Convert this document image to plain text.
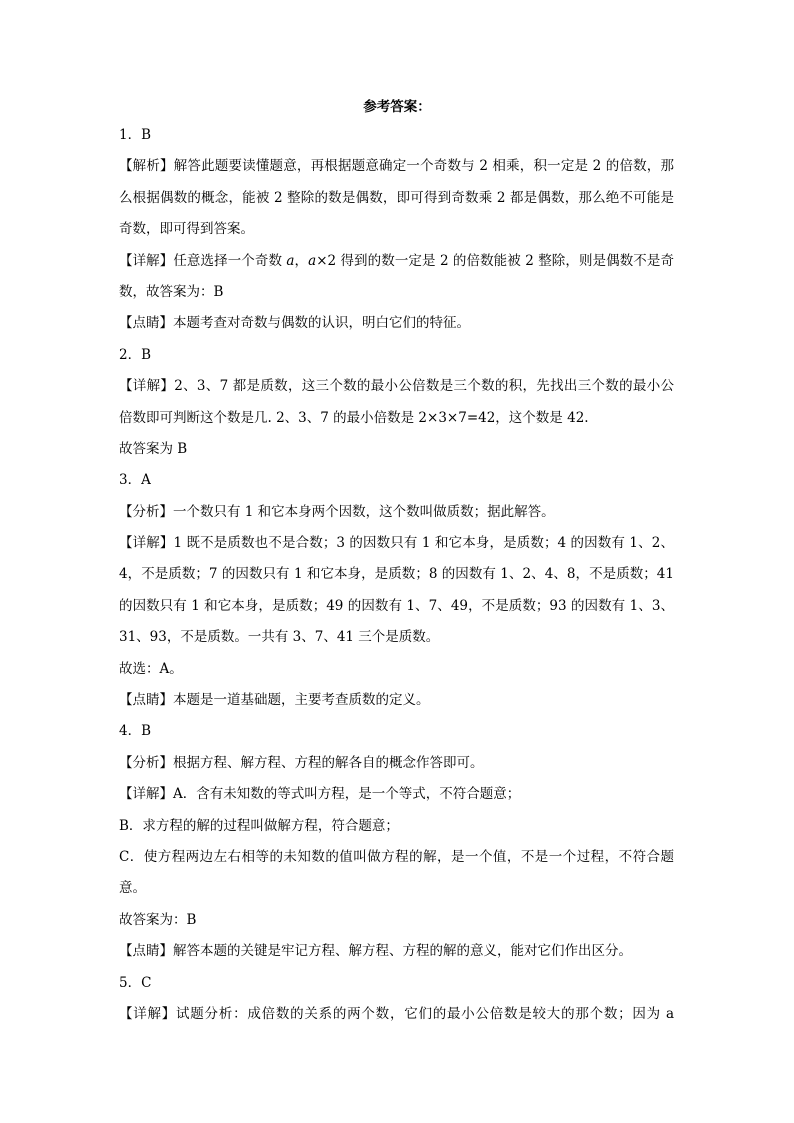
参考答案：
1．B
【解析】解答此题要读懂题意，再根据题意确定一个奇数与 2 相乘，积一定是 2 的倍数，那
么根据偶数的概念，能被 2 整除的数是偶数，即可得到奇数乘 2 都是偶数，那么绝不可能是
奇数，即可得到答案。
【详解】任意选择一个奇数 𝑎，𝑎×2 得到的数一定是 2 的倍数能被 2 整除，则是偶数不是奇
数，故答案为：B
【点睛】本题考查对奇数与偶数的认识，明白它们的特征。
2．B
【详解】2、3、7 都是质数，这三个数的最小公倍数是三个数的积，先找出三个数的最小公
倍数即可判断这个数是几. 2、3、7 的最小倍数是 2×3×7=42，这个数是 42.
故答案为 B
3．A
【分析】一个数只有 1 和它本身两个因数，这个数叫做质数；据此解答。
【详解】1 既不是质数也不是合数；3 的因数只有 1 和它本身，是质数；4 的因数有 1、2、
4，不是质数；7 的因数只有 1 和它本身，是质数；8 的因数有 1、2、4、8，不是质数；41
的因数只有 1 和它本身，是质数；49 的因数有 1、7、49，不是质数；93 的因数有 1、3、
31、93，不是质数。一共有 3、7、41 三个是质数。
故选：A。
【点睛】本题是一道基础题，主要考查质数的定义。
4．B
【分析】根据方程、解方程、方程的解各自的概念作答即可。
【详解】A．含有未知数的等式叫方程，是一个等式，不符合题意；
B．求方程的解的过程叫做解方程，符合题意；
C．使方程两边左右相等的未知数的值叫做方程的解，是一个值，不是一个过程，不符合题
意。
故答案为：B
【点睛】解答本题的关键是牢记方程、解方程、方程的解的意义，能对它们作出区分。
5．C
【详解】试题分析：成倍数的关系的两个数，它们的最小公倍数是较大的那个数；因为 a
